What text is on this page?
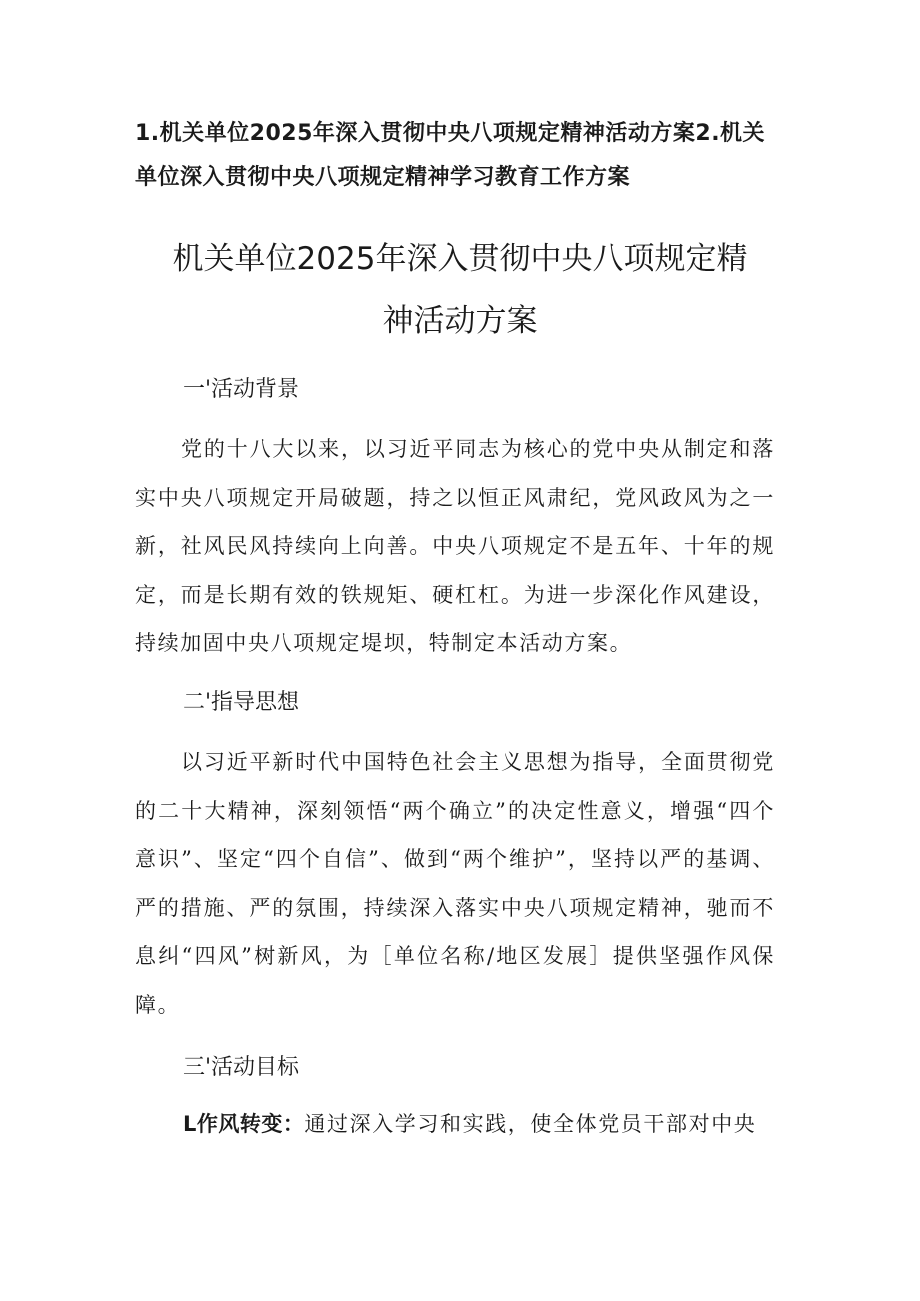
1.机关单位2025年深入贯彻中央八项规定精神活动方案2.机关单位深入贯彻中央八项规定精神学习教育工作方案
机关单位2025年深入贯彻中央八项规定精
神活动方案
一'活动背景
党的十八大以来，以习近平同志为核心的党中央从制定和落实中央八项规定开局破题，持之以恒正风肃纪，党风政风为之一新，社风民风持续向上向善。中央八项规定不是五年、十年的规定，而是长期有效的铁规矩、硬杠杠。为进一步深化作风建设，持续加固中央八项规定堤坝，特制定本活动方案。
二'指导思想
以习近平新时代中国特色社会主义思想为指导，全面贯彻党的二十大精神，深刻领悟“两个确立”的决定性意义，增强“四个意识”、坚定“四个自信”、做到“两个维护”，坚持以严的基调、严的措施、严的氛围，持续深入落实中央八项规定精神，驰而不息纠“四风”树新风，为［单位名称/地区发展］提供坚强作风保障。
三'活动目标
L作风转变：通过深入学习和实践，使全体党员干部对中央
